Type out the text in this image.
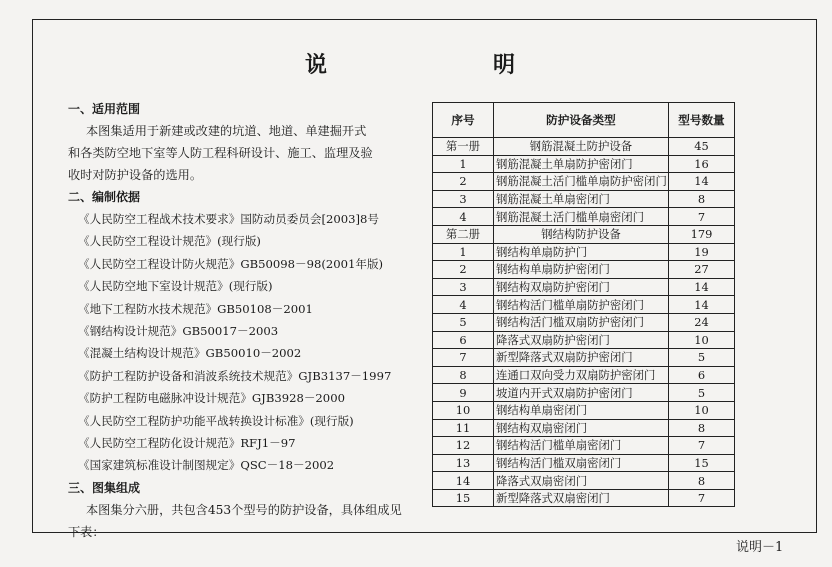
说　明
一、适用范围
本图集适用于新建或改建的坑道、地道、单建掘开式
和各类防空地下室等人防工程科研设计、施工、监理及验
收时对防护设备的选用。
二、编制依据
《人民防空工程战术技术要求》国防动员委员会[2003]8号
《人民防空工程设计规范》(现行版)
《人民防空工程设计防火规范》GB50098－98(2001年版)
《人民防空地下室设计规范》(现行版)
《地下工程防水技术规范》GB50108－2001
《钢结构设计规范》GB50017－2003
《混凝土结构设计规范》GB50010－2002
《防护工程防护设备和消波系统技术规范》GJB3137－1997
《防护工程防电磁脉冲设计规范》GJB3928－2000
《人民防空工程防护功能平战转换设计标准》(现行版)
《人民防空工程防化设计规范》RFJ1－97
《国家建筑标准设计制图规定》QSC－18－2002
三、图集组成
本图集分六册，共包含453个型号的防护设备，具体组成见
下表：
序号	防护设备类型	型号数量
第一册	钢筋混凝土防护设备	45
1	钢筋混凝土单扇防护密闭门	16
2	钢筋混凝土活门槛单扇防护密闭门	14
3	钢筋混凝土单扇密闭门	8
4	钢筋混凝土活门槛单扇密闭门	7
第二册	钢结构防护设备	179
1	钢结构单扇防护门	19
2	钢结构单扇防护密闭门	27
3	钢结构双扇防护密闭门	14
4	钢结构活门槛单扇防护密闭门	14
5	钢结构活门槛双扇防护密闭门	24
6	降落式双扇防护密闭门	10
7	新型降落式双扇防护密闭门	5
8	连通口双向受力双扇防护密闭门	6
9	坡道内开式双扇防护密闭门	5
10	钢结构单扇密闭门	10
11	钢结构双扇密闭门	8
12	钢结构活门槛单扇密闭门	7
13	钢结构活门槛双扇密闭门	15
14	降落式双扇密闭门	8
15	新型降落式双扇密闭门	7
说明－1
